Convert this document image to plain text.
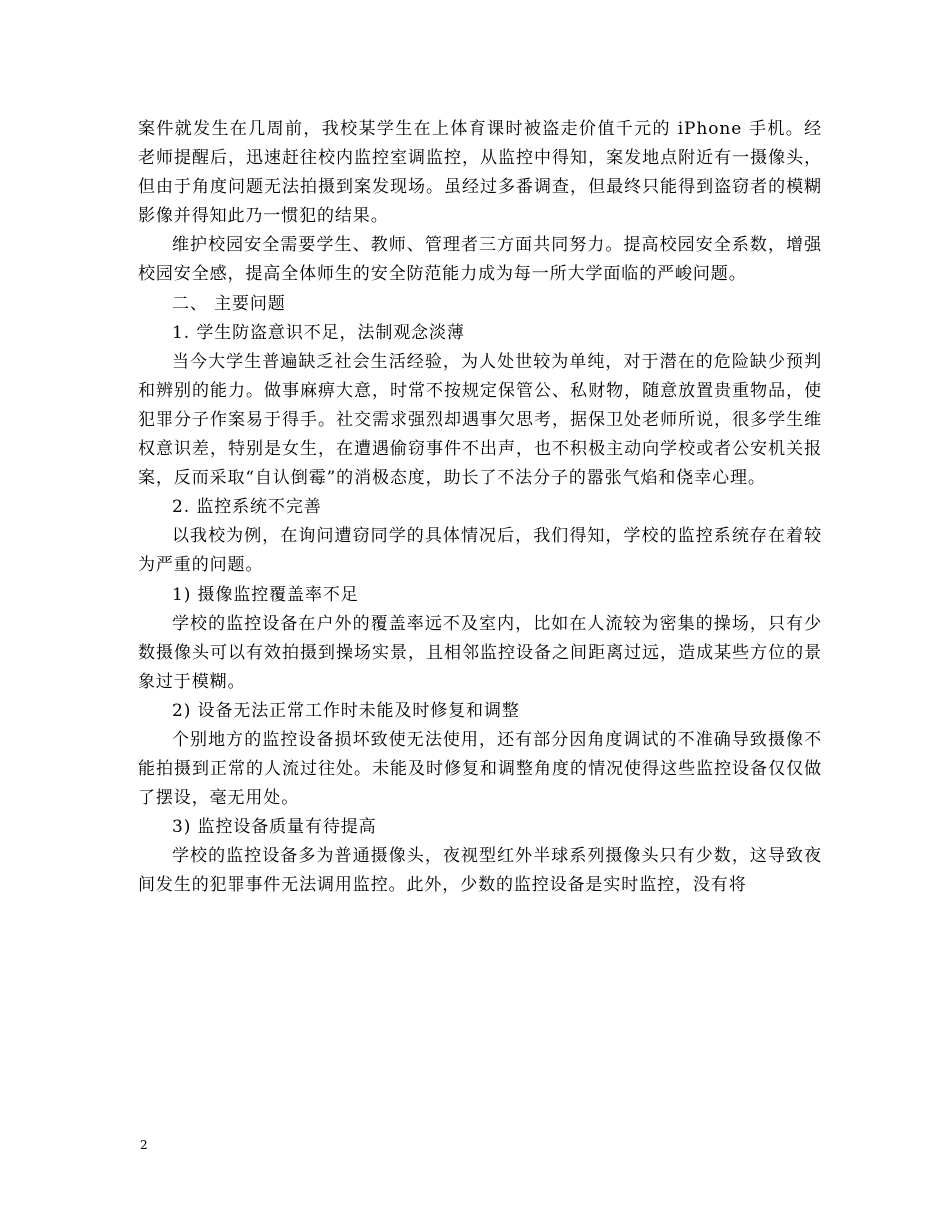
案件就发生在几周前，我校某学生在上体育课时被盗走价值千元的 iPhone 手机。经老师提醒后，迅速赶往校内监控室调监控，从监控中得知，案发地点附近有一摄像头，但由于角度问题无法拍摄到案发现场。虽经过多番调查，但最终只能得到盗窃者的模糊影像并得知此乃一惯犯的结果。

维护校园安全需要学生、教师、管理者三方面共同努力。提高校园安全系数，增强校园安全感，提高全体师生的安全防范能力成为每一所大学面临的严峻问题。

二、 主要问题

1. 学生防盗意识不足，法制观念淡薄

当今大学生普遍缺乏社会生活经验，为人处世较为单纯，对于潜在的危险缺少预判和辨别的能力。做事麻痹大意，时常不按规定保管公、私财物，随意放置贵重物品，使犯罪分子作案易于得手。社交需求强烈却遇事欠思考，据保卫处老师所说，很多学生维权意识差，特别是女生，在遭遇偷窃事件不出声，也不积极主动向学校或者公安机关报案，反而采取“自认倒霉”的消极态度，助长了不法分子的嚣张气焰和侥幸心理。

2. 监控系统不完善

以我校为例，在询问遭窃同学的具体情况后，我们得知，学校的监控系统存在着较为严重的问题。

1) 摄像监控覆盖率不足

学校的监控设备在户外的覆盖率远不及室内，比如在人流较为密集的操场，只有少数摄像头可以有效拍摄到操场实景，且相邻监控设备之间距离过远，造成某些方位的景象过于模糊。

2) 设备无法正常工作时未能及时修复和调整

个别地方的监控设备损坏致使无法使用，还有部分因角度调试的不准确导致摄像不能拍摄到正常的人流过往处。未能及时修复和调整角度的情况使得这些监控设备仅仅做了摆设，毫无用处。

3) 监控设备质量有待提高

学校的监控设备多为普通摄像头，夜视型红外半球系列摄像头只有少数，这导致夜间发生的犯罪事件无法调用监控。此外，少数的监控设备是实时监控，没有将

2
